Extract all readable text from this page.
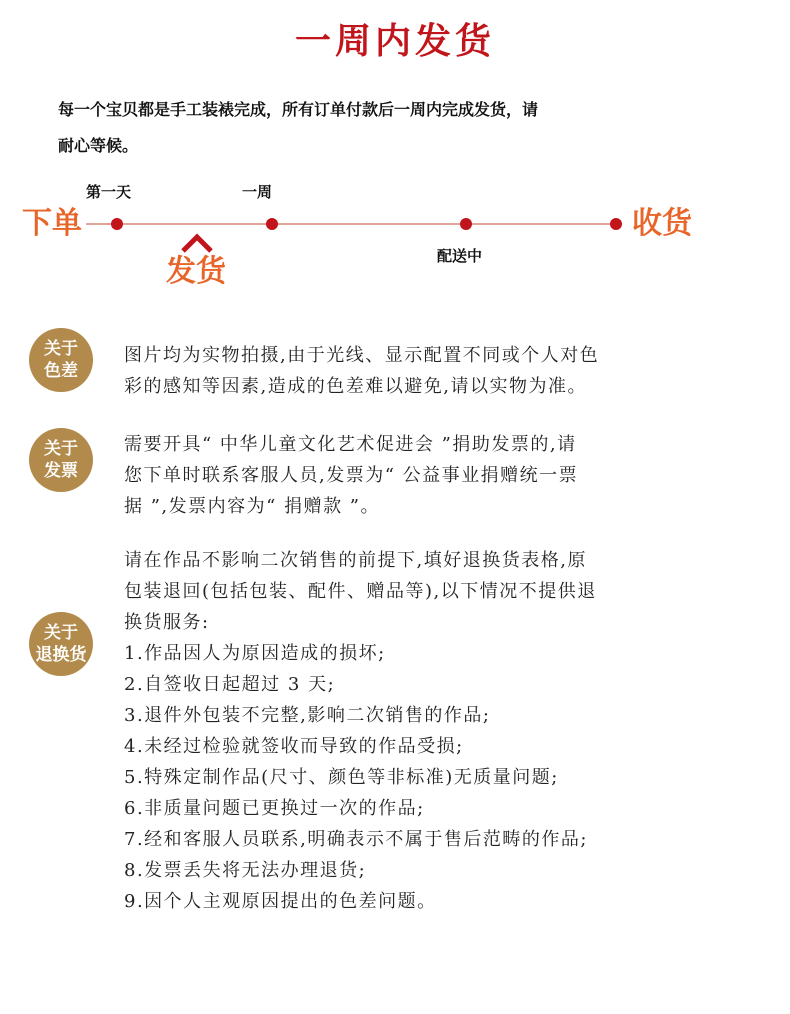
一周内发货
每一个宝贝都是手工装裱完成，所有订单付款后一周内完成发货，请
耐心等候。
第一天	一周
下单	收货
发货	配送中
关于
色差
图片均为实物拍摄,由于光线、显示配置不同或个人对色
彩的感知等因素,造成的色差难以避免,请以实物为准。
关于
发票
需要开具“ 中华儿童文化艺术促进会 ”捐助发票的,请
您下单时联系客服人员,发票为“ 公益事业捐赠统一票
据 ”,发票内容为“ 捐赠款 ”。
关于
退换货
请在作品不影响二次销售的前提下,填好退换货表格,原
包装退回(包括包装、配件、赠品等),以下情况不提供退
换货服务:
1.作品因人为原因造成的损坏;
2.自签收日起超过 3 天;
3.退件外包装不完整,影响二次销售的作品;
4.未经过检验就签收而导致的作品受损;
5.特殊定制作品(尺寸、颜色等非标准)无质量问题;
6.非质量问题已更换过一次的作品;
7.经和客服人员联系,明确表示不属于售后范畴的作品;
8.发票丢失将无法办理退货;
9.因个人主观原因提出的色差问题。
